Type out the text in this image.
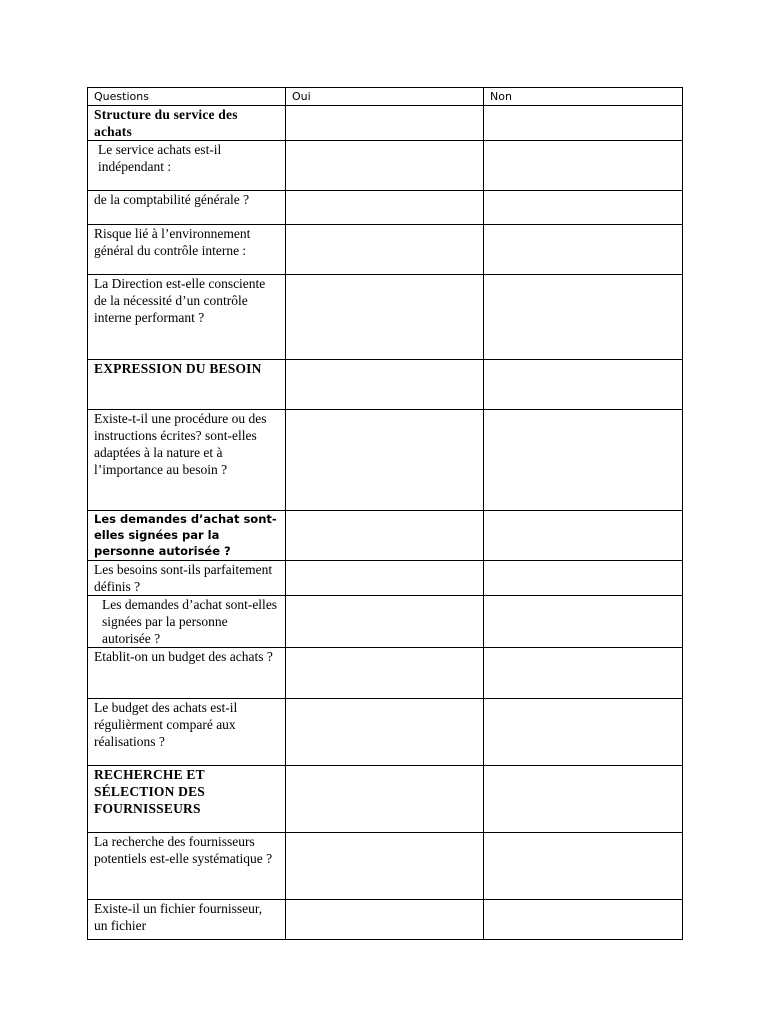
Questions	Oui	Non
Structure du service des achats		
Le service achats est-il indépendant :		
de la comptabilité générale ?		
Risque lié à l’environnement général du contrôle interne :		
La Direction est-elle consciente de la nécessité d’un contrôle interne performant ?		
EXPRESSION DU BESOIN		
Existe-t-il une procédure ou des instructions écrites? sont-elles adaptées à la nature et à l’importance au besoin ?		
Les demandes d’achat sont-elles signées par la personne autorisée ?		
Les besoins sont-ils parfaitement définis ?		
Les demandes d’achat sont-elles signées par la personne autorisée ?		
Etablit-on un budget des achats ?		
Le budget des achats est-il régulièrment comparé aux réalisations ?		
RECHERCHE ET SÉLECTION DES FOURNISSEURS		
La recherche des fournisseurs potentiels est-elle systématique ?		
Existe-il un fichier fournisseur, un fichier		
